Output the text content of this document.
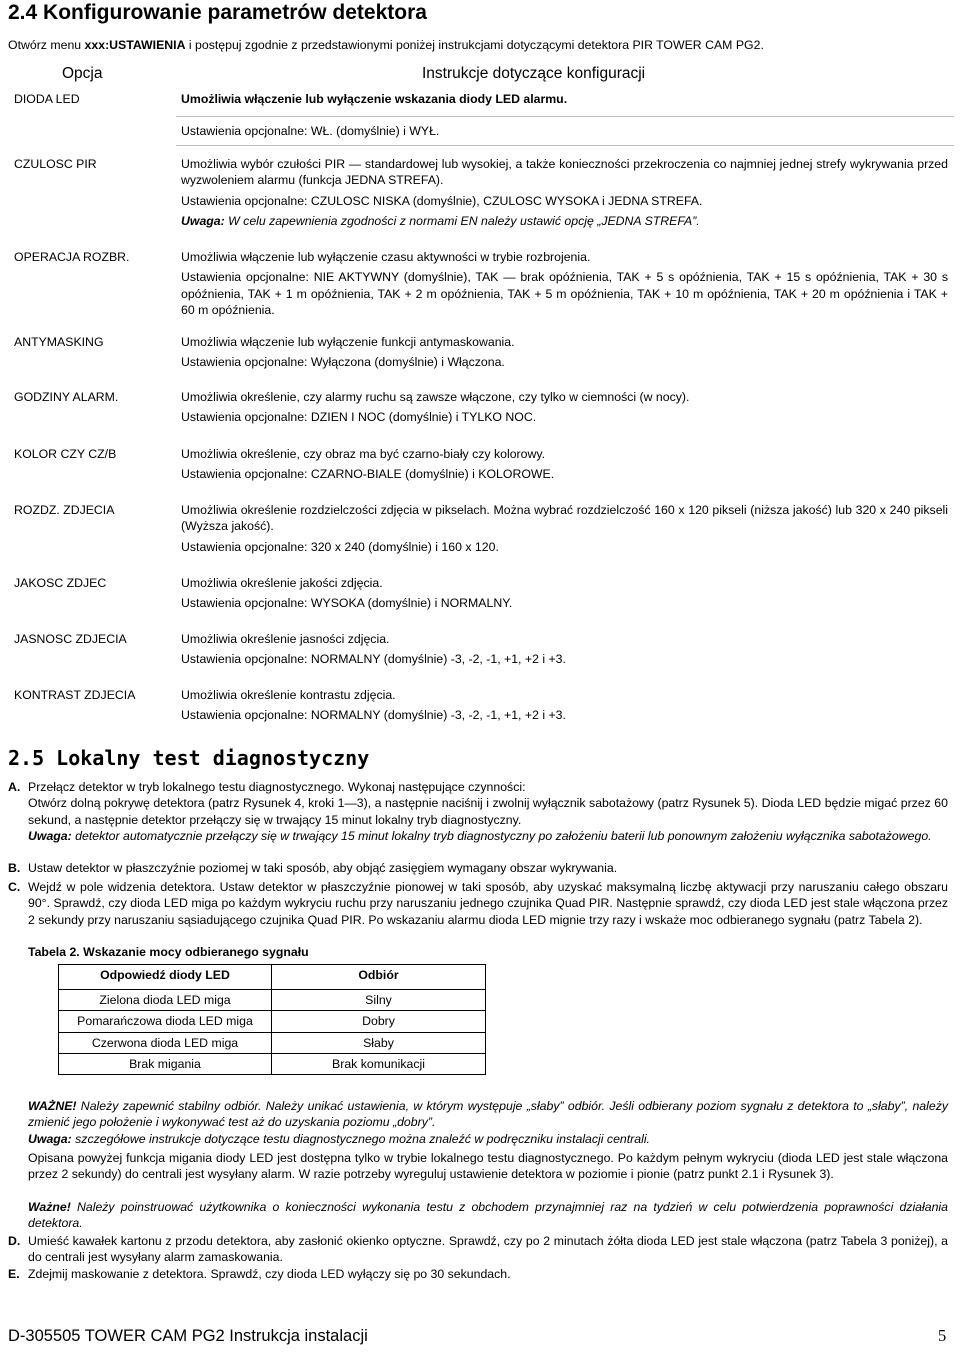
2.4 Konfigurowanie parametrów detektora
Otwórz menu xxx:USTAWIENIA i postępuj zgodnie z przedstawionymi poniżej instrukcjami dotyczącymi detektora PIR TOWER CAM PG2.
Opcja	Instrukcje dotyczące konfiguracji
DIODA LED	Umożliwia włączenie lub wyłączenie wskazania diody LED alarmu.
Ustawienia opcjonalne: WŁ. (domyślnie) i WYŁ.
CZULOSC PIR	Umożliwia wybór czułości PIR — standardowej lub wysokiej, a także konieczności przekroczenia co najmniej jednej strefy wykrywania przed wyzwoleniem alarmu (funkcja JEDNA STREFA).

Ustawienia opcjonalne: CZULOSC NISKA (domyślnie), CZULOSC WYSOKA i JEDNA STREFA.

Uwaga: W celu zapewnienia zgodności z normami EN należy ustawić opcję „JEDNA STREFA”.

OPERACJA ROZBR.	Umożliwia włączenie lub wyłączenie czasu aktywności w trybie rozbrojenia.

Ustawienia opcjonalne: NIE AKTYWNY (domyślnie), TAK — brak opóźnienia, TAK + 5 s opóźnienia, TAK + 15 s opóźnienia, TAK + 30 s opóźnienia, TAK + 1 m opóźnienia, TAK + 2 m opóźnienia, TAK + 5 m opóźnienia, TAK + 10 m opóźnienia, TAK + 20 m opóźnienia i TAK + 60 m opóźnienia.

ANTYMASKING	Umożliwia włączenie lub wyłączenie funkcji antymaskowania.

Ustawienia opcjonalne: Wyłączona (domyślnie) i Włączona.

GODZINY ALARM.	Umożliwia określenie, czy alarmy ruchu są zawsze włączone, czy tylko w ciemności (w nocy).

Ustawienia opcjonalne: DZIEN I NOC (domyślnie) i TYLKO NOC.

KOLOR CZY CZ/B	Umożliwia określenie, czy obraz ma być czarno-biały czy kolorowy.

Ustawienia opcjonalne: CZARNO-BIALE (domyślnie) i KOLOROWE.

ROZDZ. ZDJECIA	Umożliwia określenie rozdzielczości zdjęcia w pikselach. Można wybrać rozdzielczość 160 x 120 pikseli (niższa jakość) lub 320 x 240 pikseli (Wyższa jakość).

Ustawienia opcjonalne: 320 x 240 (domyślnie) i 160 x 120.

JAKOSC ZDJEC	Umożliwia określenie jakości zdjęcia.

Ustawienia opcjonalne: WYSOKA (domyślnie) i NORMALNY.

JASNOSC ZDJECIA	Umożliwia określenie jasności zdjęcia.

Ustawienia opcjonalne: NORMALNY (domyślnie) -3, -2, -1, +1, +2 i +3.

KONTRAST ZDJECIA	Umożliwia określenie kontrastu zdjęcia.

Ustawienia opcjonalne: NORMALNY (domyślnie) -3, -2, -1, +1, +2 i +3.

2.5 Lokalny test diagnostyczny
A. Przełącz detektor w tryb lokalnego testu diagnostycznego. Wykonaj następujące czynności:

Otwórz dolną pokrywę detektora (patrz Rysunek 4, kroki 1—3), a następnie naciśnij i zwolnij wyłącznik sabotażowy (patrz Rysunek 5). Dioda LED będzie migać przez 60 sekund, a następnie detektor przełączy się w trwający 15 minut lokalny tryb diagnostyczny.

Uwaga: detektor automatycznie przełączy się w trwający 15 minut lokalny tryb diagnostyczny po założeniu baterii lub ponownym założeniu wyłącznika sabotażowego.

B. Ustaw detektor w płaszczyźnie poziomej w taki sposób, aby objąć zasięgiem wymagany obszar wykrywania.
C. Wejdź w pole widzenia detektora. Ustaw detektor w płaszczyźnie pionowej w taki sposób, aby uzyskać maksymalną liczbę aktywacji przy naruszaniu całego obszaru 90°. Sprawdź, czy dioda LED miga po każdym wykryciu ruchu przy naruszaniu jednego czujnika Quad PIR. Następnie sprawdź, czy dioda LED jest stale włączona przez 2 sekundy przy naruszaniu sąsiadującego czujnika Quad PIR. Po wskazaniu alarmu dioda LED mignie trzy razy i wskaże moc odbieranego sygnału (patrz Tabela 2).
Tabela 2. Wskazanie mocy odbieranego sygnału
Odpowiedź diody LED	Odbiór
Zielona dioda LED miga	Silny
Pomarańczowa dioda LED miga	Dobry
Czerwona dioda LED miga	Słaby
Brak migania	Brak komunikacji
WAŻNE! Należy zapewnić stabilny odbiór. Należy unikać ustawienia, w którym występuje „słaby” odbiór. Jeśli odbierany poziom sygnału z detektora to „słaby”, należy zmienić jego położenie i wykonywać test aż do uzyskania poziomu „dobry”.
Uwaga: szczegółowe instrukcje dotyczące testu diagnostycznego można znaleźć w podręczniku instalacji centrali.
Opisana powyżej funkcja migania diody LED jest dostępna tylko w trybie lokalnego testu diagnostycznego. Po każdym pełnym wykryciu (dioda LED jest stale włączona przez 2 sekundy) do centrali jest wysyłany alarm. W razie potrzeby wyreguluj ustawienie detektora w poziomie i pionie (patrz punkt 2.1 i Rysunek 3).
Ważne! Należy poinstruować użytkownika o konieczności wykonania testu z obchodem przynajmniej raz na tydzień w celu potwierdzenia poprawności działania detektora.
D. Umieść kawałek kartonu z przodu detektora, aby zasłonić okienko optyczne. Sprawdź, czy po 2 minutach żółta dioda LED jest stale włączona (patrz Tabela 3 poniżej), a do centrali jest wysyłany alarm zamaskowania.
E. Zdejmij maskowanie z detektora. Sprawdź, czy dioda LED wyłączy się po 30 sekundach.
D-305505 TOWER CAM PG2 Instrukcja instalacji	5
